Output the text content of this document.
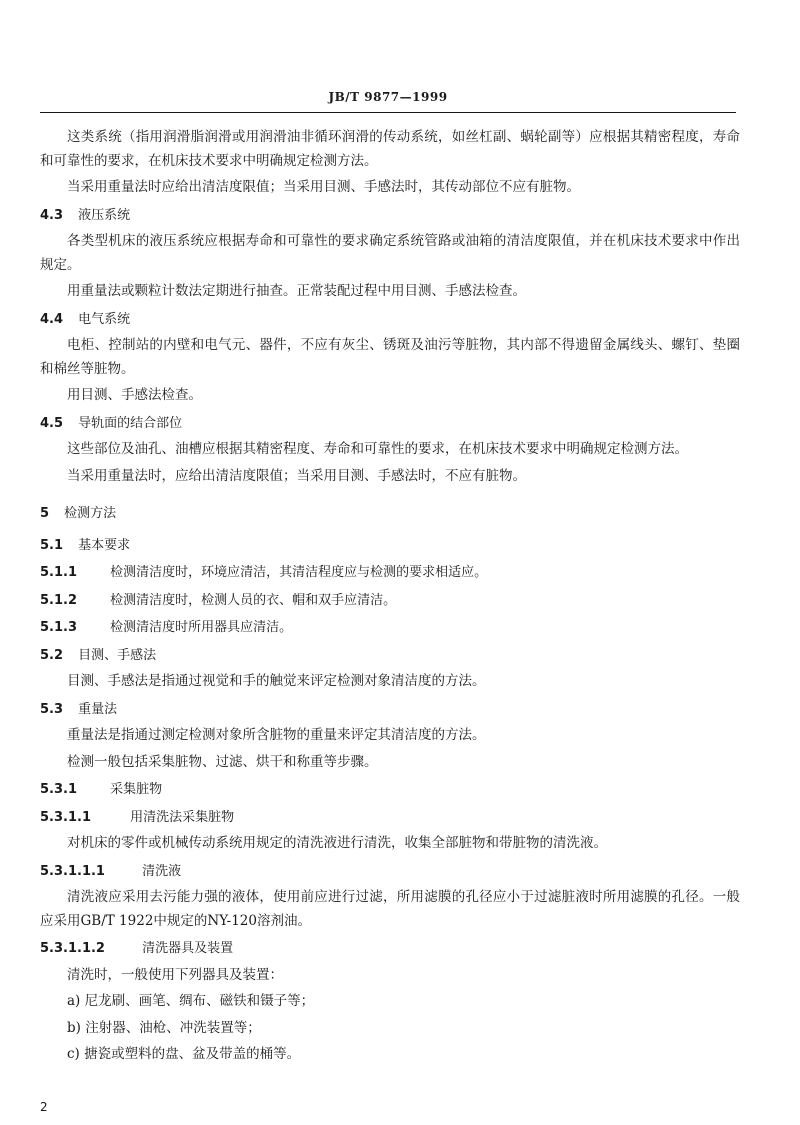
JB/T 9877—1999

这类系统（指用润滑脂润滑或用润滑油非循环润滑的传动系统，如丝杠副、蜗轮副等）应根据其精密程度，寿命和可靠性的要求，在机床技术要求中明确规定检测方法。

当采用重量法时应给出清洁度限值；当采用目测、手感法时，其传动部位不应有脏物。

4.3 液压系统

各类型机床的液压系统应根据寿命和可靠性的要求确定系统管路或油箱的清洁度限值，并在机床技术要求中作出规定。

用重量法或颗粒计数法定期进行抽查。正常装配过程中用目测、手感法检查。

4.4 电气系统

电柜、控制站的内壁和电气元、器件，不应有灰尘、锈斑及油污等脏物，其内部不得遗留金属线头、螺钉、垫圈和棉丝等脏物。

用目测、手感法检查。

4.5 导轨面的结合部位

这些部位及油孔、油槽应根据其精密程度、寿命和可靠性的要求，在机床技术要求中明确规定检测方法。

当采用重量法时，应给出清洁度限值；当采用目测、手感法时，不应有脏物。

5 检测方法
5.1 基本要求
5.1.1	检测清洁度时，环境应清洁，其清洁程度应与检测的要求相适应。
5.1.2	检测清洁度时，检测人员的衣、帽和双手应清洁。
5.1.3	检测清洁度时所用器具应清洁。
5.2 目测、手感法

目测、手感法是指通过视觉和手的触觉来评定检测对象清洁度的方法。

5.3 重量法

重量法是指通过测定检测对象所含脏物的重量来评定其清洁度的方法。

检测一般包括采集脏物、过滤、烘干和称重等步骤。

5.3.1	采集脏物
5.3.1.1	用清洗法采集脏物

对机床的零件或机械传动系统用规定的清洗液进行清洗，收集全部脏物和带脏物的清洗液。

5.3.1.1.1	清洗液

清洗液应采用去污能力强的液体，使用前应进行过滤，所用滤膜的孔径应小于过滤脏液时所用滤膜的孔径。一般应采用GB/T 1922中规定的NY-120溶剂油。

5.3.1.1.2	清洗器具及装置

清洗时，一般使用下列器具及装置：

a) 尼龙刷、画笔、绸布、磁铁和镊子等；
b) 注射器、油枪、冲洗装置等；
c) 搪瓷或塑料的盘、盆及带盖的桶等。
2
